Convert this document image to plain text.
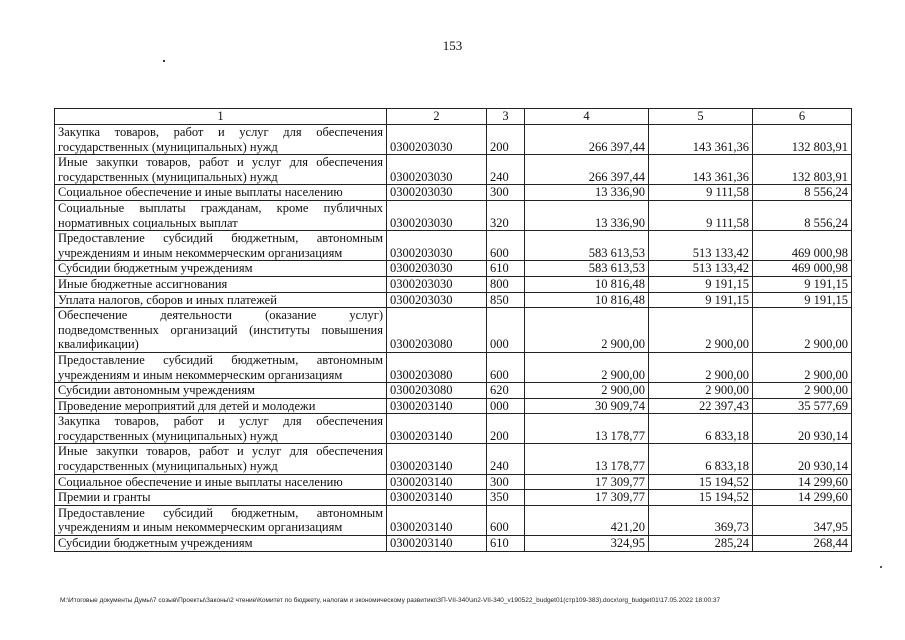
153
1	2	3	4	5	6
Закупка товаров, работ и услуг для обеспечения государственных (муниципальных) нужд	0300203030	200	266 397,44	143 361,36	132 803,91
Иные закупки товаров, работ и услуг для обеспечения государственных (муниципальных) нужд	0300203030	240	266 397,44	143 361,36	132 803,91
Социальное обеспечение и иные выплаты населению	0300203030	300	13 336,90	9 111,58	8 556,24
Социальные выплаты гражданам, кроме публичных нормативных социальных выплат	0300203030	320	13 336,90	9 111,58	8 556,24
Предоставление субсидий бюджетным, автономным учреждениям и иным некоммерческим организациям	0300203030	600	583 613,53	513 133,42	469 000,98
Субсидии бюджетным учреждениям	0300203030	610	583 613,53	513 133,42	469 000,98
Иные бюджетные ассигнования	0300203030	800	10 816,48	9 191,15	9 191,15
Уплата налогов, сборов и иных платежей	0300203030	850	10 816,48	9 191,15	9 191,15
Обеспечение деятельности (оказание услуг) подведомственных организаций (институты повышения квалификации)	0300203080	000	2 900,00	2 900,00	2 900,00
Предоставление субсидий бюджетным, автономным учреждениям и иным некоммерческим организациям	0300203080	600	2 900,00	2 900,00	2 900,00
Субсидии автономным учреждениям	0300203080	620	2 900,00	2 900,00	2 900,00
Проведение мероприятий для детей и молодежи	0300203140	000	30 909,74	22 397,43	35 577,69
Закупка товаров, работ и услуг для обеспечения государственных (муниципальных) нужд	0300203140	200	13 178,77	6 833,18	20 930,14
Иные закупки товаров, работ и услуг для обеспечения государственных (муниципальных) нужд	0300203140	240	13 178,77	6 833,18	20 930,14
Социальное обеспечение и иные выплаты населению	0300203140	300	17 309,77	15 194,52	14 299,60
Премии и гранты	0300203140	350	17 309,77	15 194,52	14 299,60
Предоставление субсидий бюджетным, автономным учреждениям и иным некоммерческим организациям	0300203140	600	421,20	369,73	347,95
Субсидии бюджетным учреждениям	0300203140	610	324,95	285,24	268,44
M:\Итоговые документы Думы\7 созыв\Проекты\Законы\2 чтение\Комитет по бюджету, налогам и экономическому развитию\ЗП-VII-340\зп2-VII-340_v190522_budget01(стр109-383).docx\org_budget01\17.05.2022 18:00:37
